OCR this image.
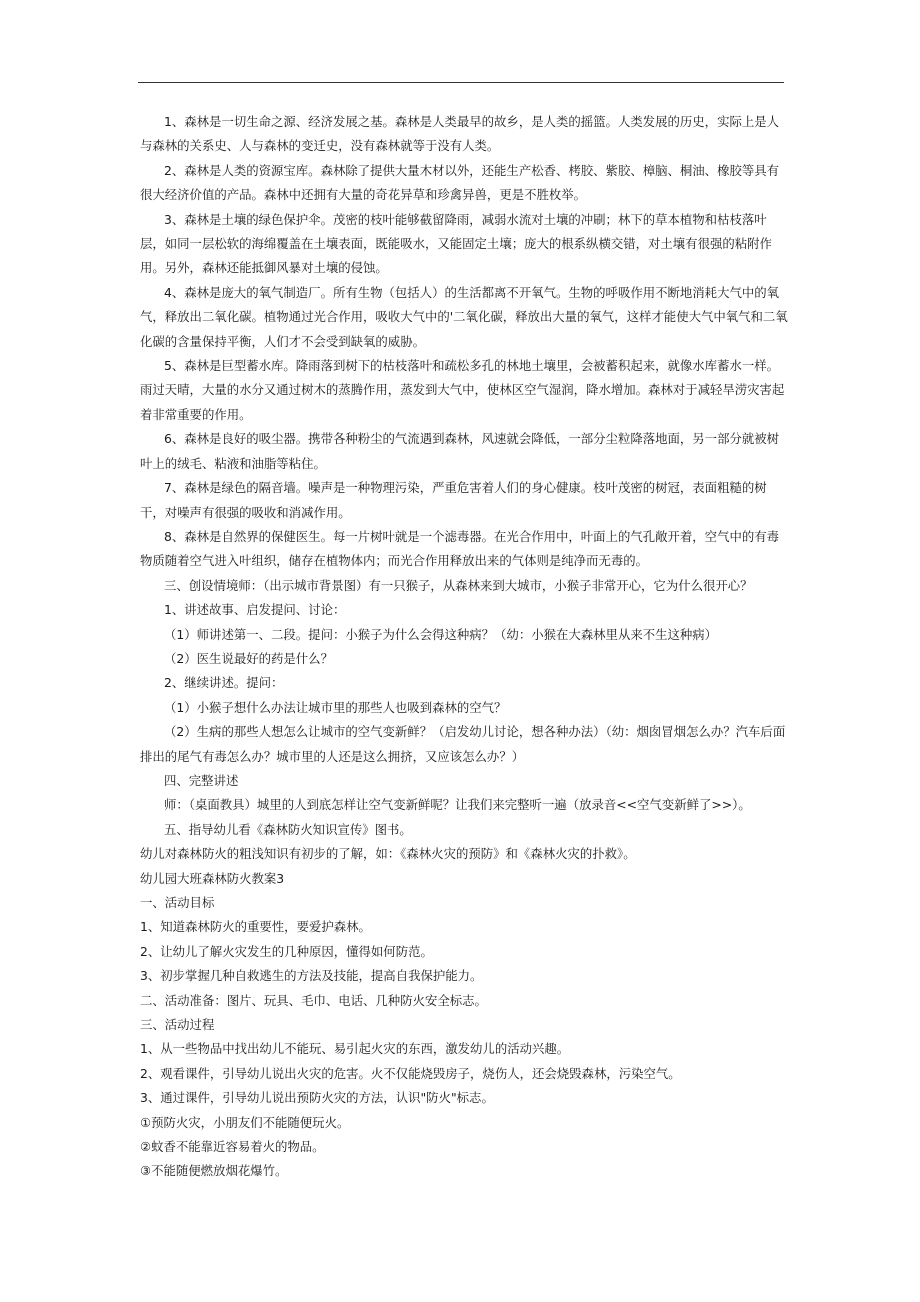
1、森林是一切生命之源、经济发展之基。森林是人类最早的故乡，是人类的摇篮。人类发展的历史，实际上是人与森林的关系史、人与森林的变迁史，没有森林就等于没有人类。

2、森林是人类的资源宝库。森林除了提供大量木材以外，还能生产松香、栲胶、紫胶、樟脑、桐油、橡胶等具有很大经济价值的产品。森林中还拥有大量的奇花异草和珍禽异兽，更是不胜枚举。

3、森林是土壤的绿色保护伞。茂密的枝叶能够截留降雨，减弱水流对土壤的冲刷；林下的草本植物和枯枝落叶层，如同一层松软的海绵覆盖在土壤表面，既能吸水，又能固定土壤；庞大的根系纵横交错，对土壤有很强的粘附作用。另外，森林还能抵御风暴对土壤的侵蚀。

4、森林是庞大的氧气制造厂。所有生物（包括人）的生活都离不开氧气。生物的呼吸作用不断地消耗大气中的氧气，释放出二氧化碳。植物通过光合作用，吸收大气中的'二氧化碳，释放出大量的氧气，这样才能使大气中氧气和二氧化碳的含量保持平衡，人们才不会受到缺氧的威胁。

5、森林是巨型蓄水库。降雨落到树下的枯枝落叶和疏松多孔的林地土壤里，会被蓄积起来，就像水库蓄水一样。雨过天晴，大量的水分又通过树木的蒸腾作用，蒸发到大气中，使林区空气湿润，降水增加。森林对于减轻旱涝灾害起着非常重要的作用。

6、森林是良好的吸尘器。携带各种粉尘的气流遇到森林，风速就会降低，一部分尘粒降落地面，另一部分就被树叶上的绒毛、粘液和油脂等粘住。

7、森林是绿色的隔音墙。噪声是一种物理污染，严重危害着人们的身心健康。枝叶茂密的树冠，表面粗糙的树干，对噪声有很强的吸收和消减作用。

8、森林是自然界的保健医生。每一片树叶就是一个滤毒器。在光合作用中，叶面上的气孔敞开着，空气中的有毒物质随着空气进入叶组织，储存在植物体内；而光合作用释放出来的气体则是纯净而无毒的。

三、创设情境师：（出示城市背景图）有一只猴子，从森林来到大城市，小猴子非常开心，它为什么很开心？

1、讲述故事、启发提问、讨论：

（1）师讲述第一、二段。提问：小猴子为什么会得这种病？（幼：小猴在大森林里从来不生这种病）

（2）医生说最好的药是什么？

2、继续讲述。提问：

（1）小猴子想什么办法让城市里的那些人也吸到森林的空气？

（2）生病的那些人想怎么让城市的空气变新鲜？（启发幼儿讨论，想各种办法）（幼：烟囱冒烟怎么办？汽车后面排出的尾气有毒怎么办？城市里的人还是这么拥挤，又应该怎么办？）

四、完整讲述

师：（桌面教具）城里的人到底怎样让空气变新鲜呢？让我们来完整听一遍（放录音<<空气变新鲜了>>）。

五、指导幼儿看《森林防火知识宣传》图书。

幼儿对森林防火的粗浅知识有初步的了解，如：《森林火灾的预防》和《森林火灾的扑救》。

幼儿园大班森林防火教案3

一、活动目标

1、知道森林防火的重要性，要爱护森林。

2、让幼儿了解火灾发生的几种原因，懂得如何防范。

3、初步掌握几种自救逃生的方法及技能，提高自我保护能力。

二、活动准备：图片、玩具、毛巾、电话、几种防火安全标志。

三、活动过程

1、从一些物品中找出幼儿不能玩、易引起火灾的东西，激发幼儿的活动兴趣。

2、观看课件，引导幼儿说出火灾的危害。火不仅能烧毁房子，烧伤人，还会烧毁森林，污染空气。

3、通过课件，引导幼儿说出预防火灾的方法，认识"防火"标志。

①预防火灾，小朋友们不能随便玩火。

②蚊香不能靠近容易着火的物品。

③不能随便燃放烟花爆竹。
